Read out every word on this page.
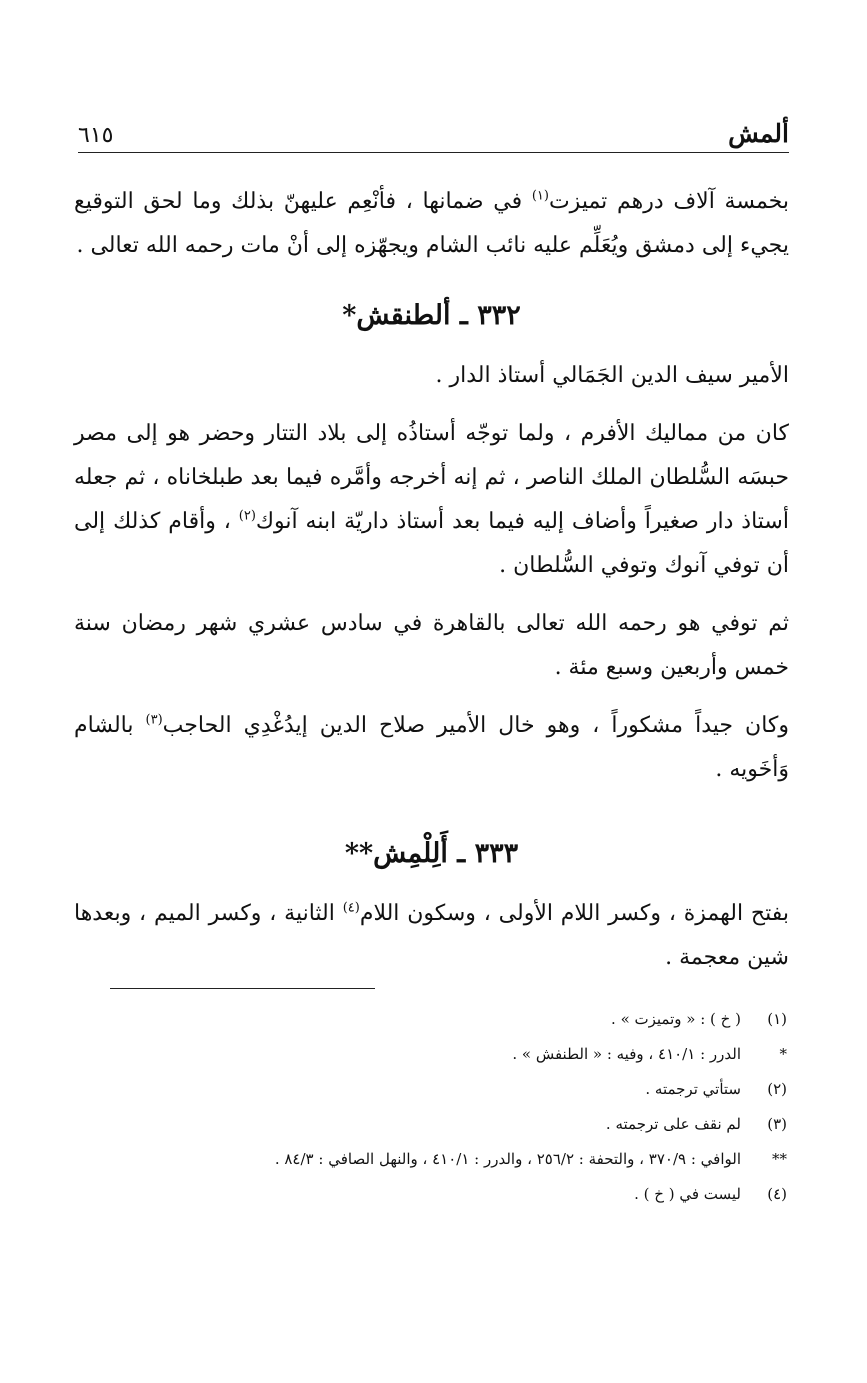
ألمش
٦١٥

بخمسة آلاف درهم تميزت$^{(١)}$ في ضمانها ، فأنْعِم عليهنّ بذلك وما لحق التوقيع يجيء إلى دمشق ويُعَلِّم عليه نائب الشام ويجهّزه إلى أنْ مات رحمه الله تعالى .

٣٣٢ ـ ألطنقش*

الأمير سيف الدين الجَمَالي أستاذ الدار .

كان من مماليك الأفرم ، ولما توجّه أستاذُه إلى بلاد التتار وحضر هو إلى مصر حبسَه السُّلطان الملك الناصر ، ثم إنه أخرجه وأمَّره فيما بعد طبلخاناه ، ثم جعله أستاذ دار صغيراً وأضاف إليه فيما بعد أستاذ داريّة ابنه آنوك$^{(٢)}$ ، وأقام كذلك إلى أن توفي آنوك وتوفي السُّلطان .

ثم توفي هو رحمه الله تعالى بالقاهرة في سادس عشري شهر رمضان سنة خمس وأربعين وسبع مئة .

وكان جيداً مشكوراً ، وهو خال الأمير صلاح الدين إيدُغْدِي الحاجب$^{(٣)}$ بالشام وَأخَويه .

٣٣٣ ـ أَلِلْمِش**

بفتح الهمزة ، وكسر اللام الأولى ، وسكون اللام$^{(٤)}$ الثانية ، وكسر الميم ، وبعدها شين معجمة .

(١)
( خ ) : « وتميزت » .
*
الدرر : ٤١٠/١ ، وفيه : « الطنفش » .
(٢)
ستأتي ترجمته .
(٣)
لم نقف على ترجمته .
**
الوافي : ٣٧٠/٩ ، والتحفة : ٢٥٦/٢ ، والدرر : ٤١٠/١ ، والنهل الصافي : ٨٤/٣ .
(٤)
ليست في ( خ ) .
